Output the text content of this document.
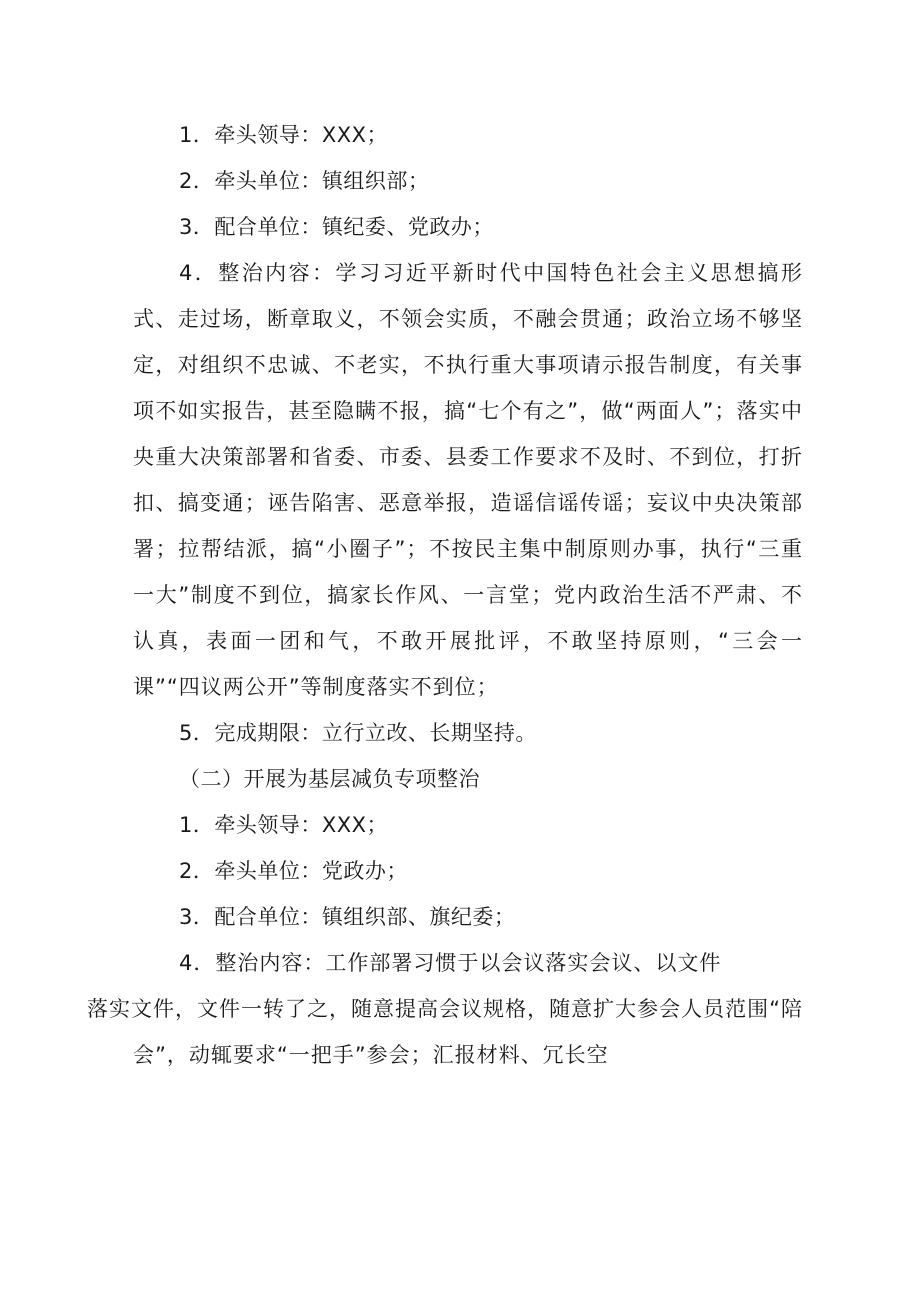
1．牵头领导：XXX；

2．牵头单位：镇组织部；

3．配合单位：镇纪委、党政办；

4．整治内容：学习习近平新时代中国特色社会主义思想搞形式、走过场，断章取义，不领会实质，不融会贯通；政治立场不够坚定，对组织不忠诚、不老实，不执行重大事项请示报告制度，有关事项不如实报告，甚至隐瞒不报，搞“七个有之”，做“两面人”；落实中央重大决策部署和省委、市委、县委工作要求不及时、不到位，打折扣、搞变通；诬告陷害、恶意举报，造谣信谣传谣；妄议中央决策部署；拉帮结派，搞“小圈子”；不按民主集中制原则办事，执行“三重一大”制度不到位，搞家长作风、一言堂；党内政治生活不严肃、不认真，表面一团和气，不敢开展批评，不敢坚持原则，“三会一课”“四议两公开”等制度落实不到位；

5．完成期限：立行立改、长期坚持。

（二）开展为基层减负专项整治

1．牵头领导：XXX；

2．牵头单位：党政办；

3．配合单位：镇组织部、旗纪委；

4．整治内容：工作部署习惯于以会议落实会议、以文件
落实文件，文件一转了之，随意提高会议规格，随意扩大参会人员范围“陪会”，动辄要求“一把手”参会；汇报材料、冗长空
